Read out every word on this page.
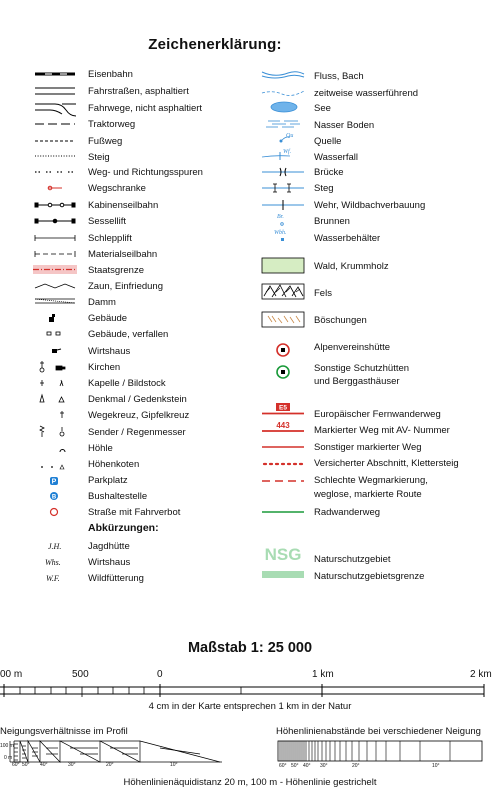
Zeichenerklärung:
P
B
Eisenbahn
Fahrstraßen, asphaltiert
Fahrwege, nicht asphaltiert
Traktorweg
Fußweg
Steig
Weg- und Richtungsspuren
Wegschranke
Kabinenseilbahn
Sessellift
Schlepplift
Materialseilbahn
Staatsgrenze
Zaun, Einfriedung
Damm
Gebäude
Gebäude, verfallen
Wirtshaus
Kirchen
Kapelle / Bildstock
Denkmal / Gedenkstein
Wegekreuz, Gipfelkreuz
Sender / Regenmesser
Höhle
Höhenkoten
Parkplatz
Bushaltestelle
Straße mit Fahrverbot
Abkürzungen:
J.H.	Jagdhütte
Whs.	Wirtshaus
W.F.	Wildfütterung
Qu
Wf.
Br.
Wbh.
E5
443
NSG
Fluss, Bach
zeitweise wasserführend
See
Nasser Boden
Quelle
Wasserfall
Brücke
Steg
Wehr, Wildbachverbauung
Brunnen
Wasserbehälter
Wald, Krummholz
Fels
Böschungen
Alpenvereinshütte
Sonstige Schutzhütten
und Berggasthäuser
Europäischer Fernwanderweg
Markierter Weg mit AV- Nummer
Sonstiger markierter Weg
Versicherter Abschnitt, Klettersteig
Schlechte Wegmarkierung,
weglose, markierte Route
Radwanderweg
Naturschutzgebiet
Naturschutzgebietsgrenze
Maßstab 1: 25 000
00 m	500	0	1 km	2 km
4 cm in der Karte entsprechen 1 km in der Natur
Neigungsverhältnisse im Profil	Höhenlinienabstände bei verschiedener Neigung
100 m
0 m
60° 50° 40°	30°	20°	10°	60° 50° 40° 30°	20°	10°
Höhenlinienäquidistanz 20 m, 100 m - Höhenlinie gestrichelt
